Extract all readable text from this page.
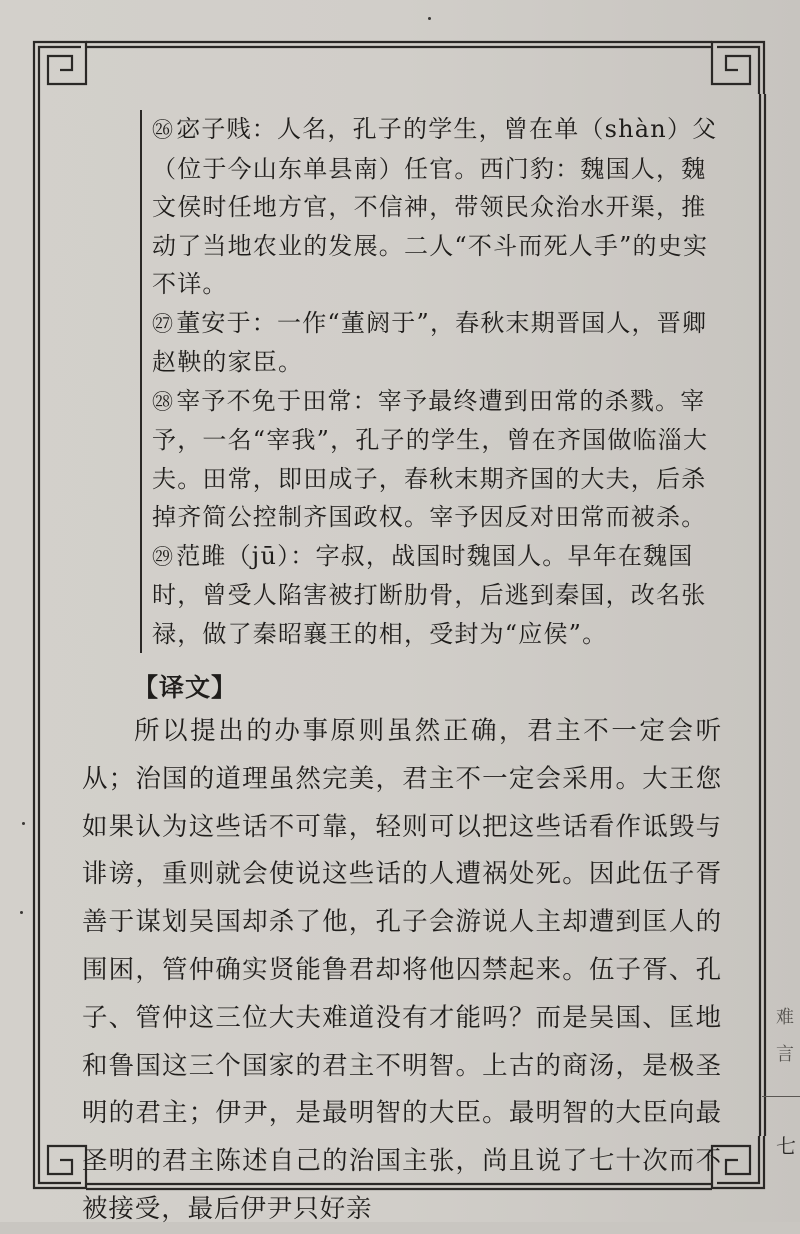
㉖宓子贱：人名，孔子的学生，曾在单（shàn）父（位于今山东单县南）任官。西门豹：魏国人，魏文侯时任地方官，不信神，带领民众治水开渠，推动了当地农业的发展。二人“不斗而死人手”的史实不详。

㉗董安于：一作“董阏于”，春秋末期晋国人，晋卿赵鞅的家臣。

㉘宰予不免于田常：宰予最终遭到田常的杀戮。宰予，一名“宰我”，孔子的学生，曾在齐国做临淄大夫。田常，即田成子，春秋末期齐国的大夫，后杀掉齐简公控制齐国政权。宰予因反对田常而被杀。

㉙范雎（jū）：字叔，战国时魏国人。早年在魏国时，曾受人陷害被打断肋骨，后逃到秦国，改名张禄，做了秦昭襄王的相，受封为“应侯”。

【译文】

所以提出的办事原则虽然正确，君主不一定会听从；治国的道理虽然完美，君主不一定会采用。大王您如果认为这些话不可靠，轻则可以把这些话看作诋毁与诽谤，重则就会使说这些话的人遭祸处死。因此伍子胥善于谋划吴国却杀了他，孔子会游说人主却遭到匡人的围困，管仲确实贤能鲁君却将他囚禁起来。伍子胥、孔子、管仲这三位大夫难道没有才能吗？而是吴国、匡地和鲁国这三个国家的君主不明智。上古的商汤，是极圣明的君主；伊尹，是最明智的大臣。最明智的大臣向最圣明的君主陈述自己的治国主张，尚且说了七十次而不被接受，最后伊尹只好亲

难
言
七
